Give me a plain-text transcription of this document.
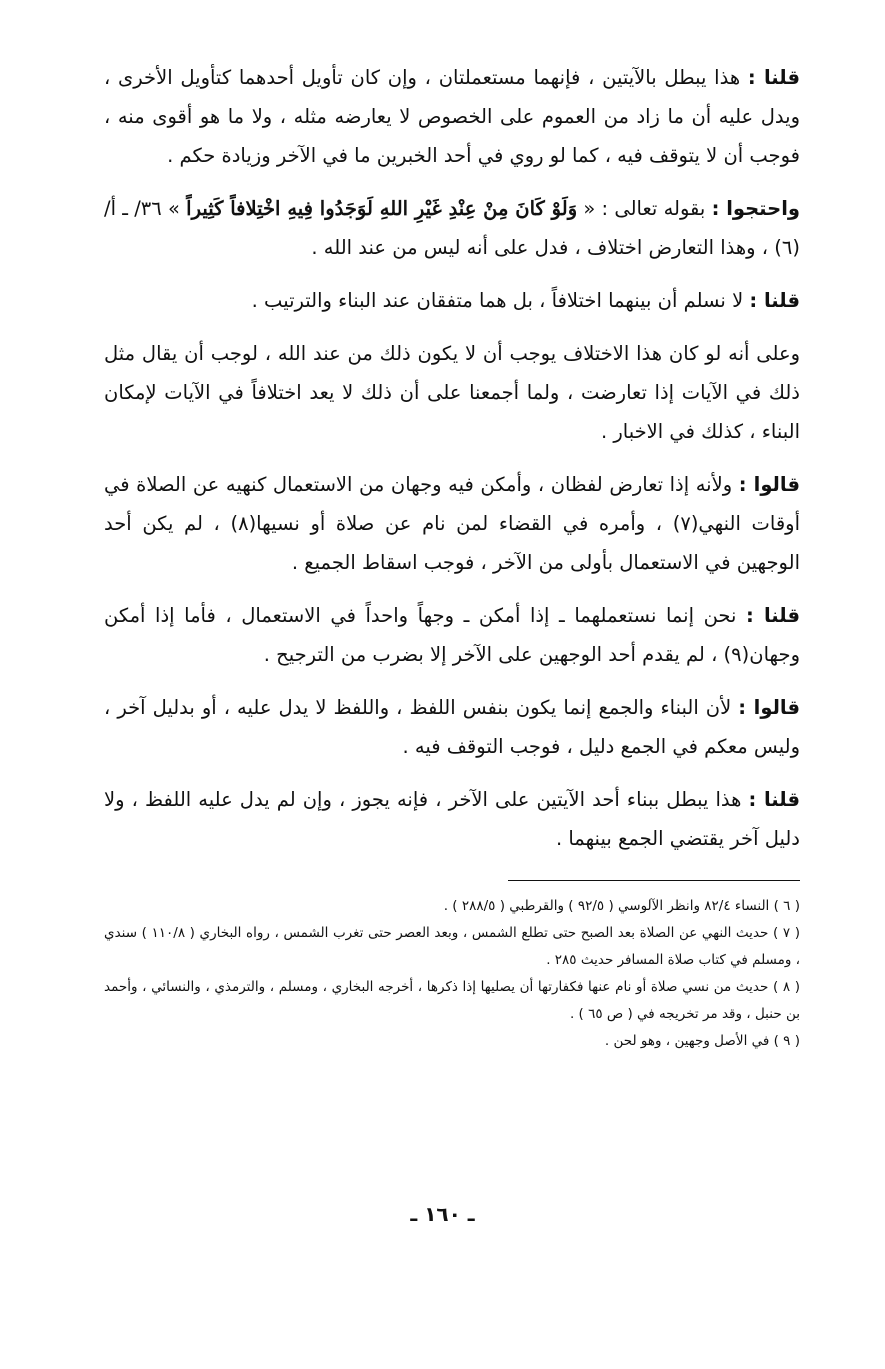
قلنا : هذا يبطل بالآيتين ، فإنهما مستعملتان ، وإن كان تأويل أحدهما كتأويل الأخرى ، ويدل عليه أن ما زاد من العموم على الخصوص لا يعارضه مثله ، ولا ما هو أقوى منه ، فوجب أن لا يتوقف فيه ، كما لو روي في أحد الخبرين ما في الآخر وزيادة حكم .

واحتجوا : بقوله تعالى : « وَلَوْ كَانَ مِنْ عِنْدِ غَيْرِ اللهِ لَوَجَدُوا فِيهِ اخْتِلافاً كَثِيراً » ٣٦/ ـ أ/ (٦) ، وهذا التعارض اختلاف ، فدل على أنه ليس من عند الله .

قلنا : لا نسلم أن بينهما اختلافاً ، بل هما متفقان عند البناء والترتيب .

وعلى أنه لو كان هذا الاختلاف يوجب أن لا يكون ذلك من عند الله ، لوجب أن يقال مثل ذلك في الآيات إذا تعارضت ، ولما أجمعنا على أن ذلك لا يعد اختلافاً في الآيات لإمكان البناء ، كذلك في الاخبار .

قالوا : ولأنه إذا تعارض لفظان ، وأمكن فيه وجهان من الاستعمال كنهيه عن الصلاة في أوقات النهي(٧) ، وأمره في القضاء لمن نام عن صلاة أو نسيها(٨) ، لم يكن أحد الوجهين في الاستعمال بأولى من الآخر ، فوجب اسقاط الجميع .

قلنا : نحن إنما نستعملهما ـ إذا أمكن ـ وجهاً واحداً في الاستعمال ، فأما إذا أمكن وجهان(٩) ، لم يقدم أحد الوجهين على الآخر إلا بضرب من الترجيح .

قالوا : لأن البناء والجمع إنما يكون بنفس اللفظ ، واللفظ لا يدل عليه ، أو بدليل آخر ، وليس معكم في الجمع دليل ، فوجب التوقف فيه .

قلنا : هذا يبطل ببناء أحد الآيتين على الآخر ، فإنه يجوز ، وإن لم يدل عليه اللفظ ، ولا دليل آخر يقتضي الجمع بينهما .

( ٦ ) النساء ٨٢/٤ وانظر الآلوسي ( ٩٢/٥ ) والقرطبي ( ٢٨٨/٥ ) .

( ٧ ) حديث النهي عن الصلاة بعد الصبح حتى تطلع الشمس ، وبعد العصر حتى تغرب الشمس ، رواه البخاري ( ١١٠/٨ ) سندي ، ومسلم في كتاب صلاة المسافر حديث ٢٨٥ .

( ٨ ) حديث من نسي صلاة أو نام عنها فكفارتها أن يصليها إذا ذكرها ، أخرجه البخاري ، ومسلم ، والترمذي ، والنسائي ، وأحمد بن حنبل ، وقد مر تخريجه في ( ص ٦٥ ) .

( ٩ ) في الأصل وجهين ، وهو لحن .

ـ ١٦٠ ـ
